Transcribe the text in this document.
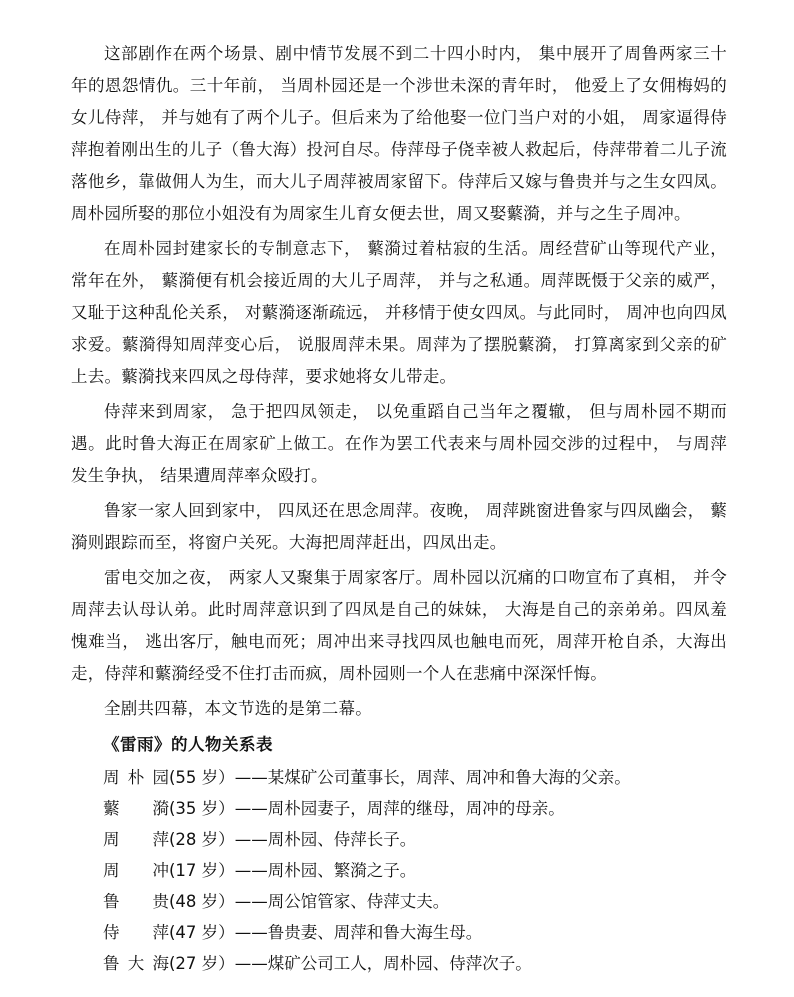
这部剧作在两个场景、剧中情节发展不到二十四小时内， 集中展开了周鲁两家三十年的恩怨情仇。三十年前， 当周朴园还是一个涉世未深的青年时， 他爱上了女佣梅妈的女儿侍萍， 并与她有了两个儿子。但后来为了给他娶一位门当户对的小姐， 周家逼得侍萍抱着刚出生的儿子（鲁大海）投河自尽。侍萍母子侥幸被人救起后，侍萍带着二儿子流落他乡，靠做佣人为生，而大儿子周萍被周家留下。侍萍后又嫁与鲁贵并与之生女四凤。周朴园所娶的那位小姐没有为周家生儿育女便去世，周又娶蘩漪，并与之生子周冲。

在周朴园封建家长的专制意志下， 蘩漪过着枯寂的生活。周经营矿山等现代产业， 常年在外， 蘩漪便有机会接近周的大儿子周萍， 并与之私通。周萍既慑于父亲的威严， 又耻于这种乱伦关系， 对蘩漪逐渐疏远， 并移情于使女四凤。与此同时， 周冲也向四凤求爱。蘩漪得知周萍变心后， 说服周萍未果。周萍为了摆脱蘩漪， 打算离家到父亲的矿上去。蘩漪找来四凤之母侍萍，要求她将女儿带走。

侍萍来到周家， 急于把四凤领走， 以免重蹈自己当年之覆辙， 但与周朴园不期而遇。此时鲁大海正在周家矿上做工。在作为罢工代表来与周朴园交涉的过程中， 与周萍发生争执， 结果遭周萍率众殴打。

鲁家一家人回到家中， 四凤还在思念周萍。夜晚， 周萍跳窗进鲁家与四凤幽会， 蘩漪则跟踪而至，将窗户关死。大海把周萍赶出，四凤出走。

雷电交加之夜， 两家人又聚集于周家客厅。周朴园以沉痛的口吻宣布了真相， 并令周萍去认母认弟。此时周萍意识到了四凤是自己的妹妹， 大海是自己的亲弟弟。四凤羞愧难当， 逃出客厅，触电而死；周冲出来寻找四凤也触电而死，周萍开枪自杀，大海出走，侍萍和蘩漪经受不住打击而疯，周朴园则一个人在悲痛中深深忏悔。

全剧共四幕，本文节选的是第二幕。

《雷雨》的人物关系表

周朴园(55 岁）——某煤矿公司董事长，周萍、周冲和鲁大海的父亲。

蘩漪(35 岁）——周朴园妻子，周萍的继母，周冲的母亲。

周萍(28 岁）——周朴园、侍萍长子。

周冲(17 岁）——周朴园、繁漪之子。

鲁贵(48 岁）——周公馆管家、侍萍丈夫。

侍萍(47 岁）——鲁贵妻、周萍和鲁大海生母。

鲁大海(27 岁）——煤矿公司工人，周朴园、侍萍次子。
